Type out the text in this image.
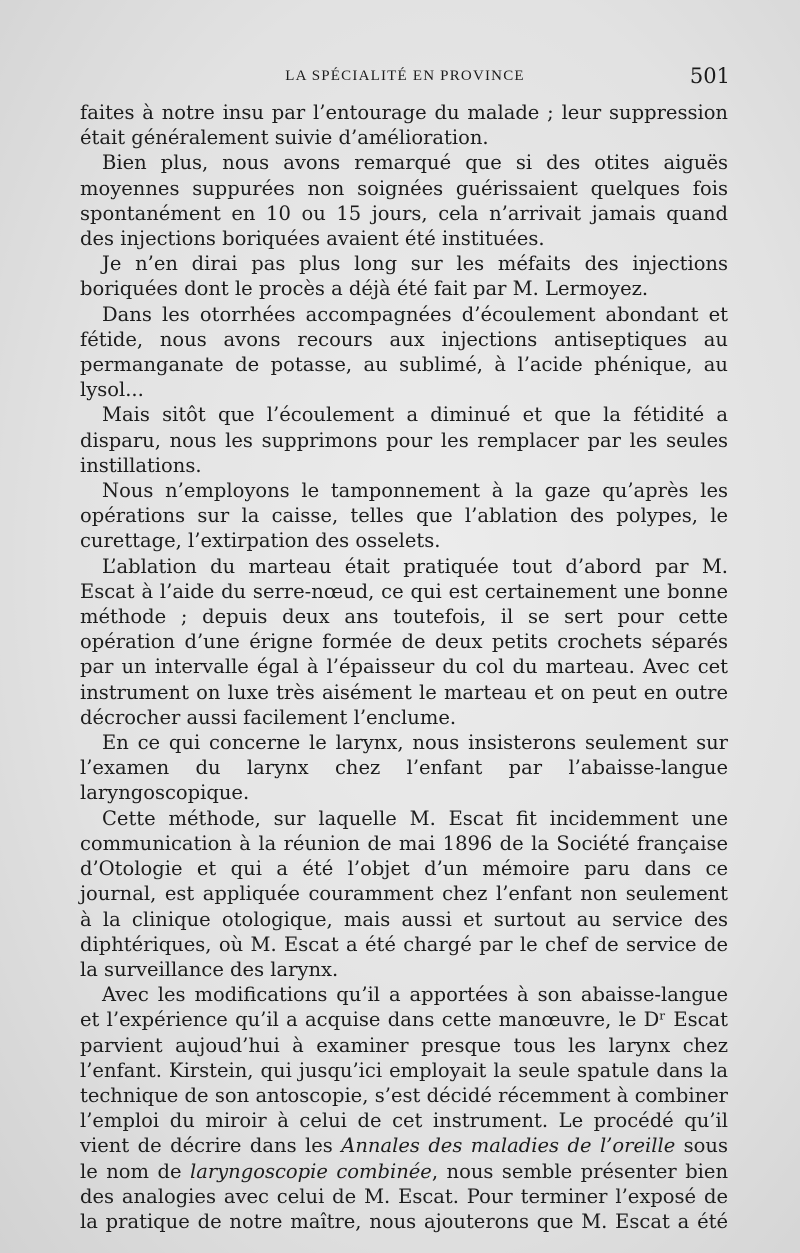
LA SPÉCIALITÉ EN PROVINCE	501

faites à notre insu par l’entourage du malade ; leur suppression était généralement suivie d’amélioration.

Bien plus, nous avons remarqué que si des otites aiguës moyennes suppurées non soignées guérissaient quelques fois spontanément en 10 ou 15 jours, cela n’arrivait jamais quand des injections boriquées avaient été instituées.

Je n’en dirai pas plus long sur les méfaits des injections boriquées dont le procès a déjà été fait par M. Lermoyez.

Dans les otorrhées accompagnées d’écoulement abondant et fétide, nous avons recours aux injections antiseptiques au permanganate de potasse, au sublimé, à l’acide phénique, au lysol...

Mais sitôt que l’écoulement a diminué et que la fétidité a disparu, nous les supprimons pour les remplacer par les seules instillations.

Nous n’employons le tamponnement à la gaze qu’après les opérations sur la caisse, telles que l’ablation des polypes, le curettage, l’extirpation des osselets.

L’ablation du marteau était pratiquée tout d’abord par M. Escat à l’aide du serre-nœud, ce qui est certainement une bonne méthode ; depuis deux ans toutefois, il se sert pour cette opération d’une érigne formée de deux petits crochets séparés par un intervalle égal à l’épaisseur du col du marteau. Avec cet instrument on luxe très aisément le marteau et on peut en outre décrocher aussi facilement l’enclume.

En ce qui concerne le larynx, nous insisterons seulement sur l’examen du larynx chez l’enfant par l’abaisse-langue laryngoscopique.

Cette méthode, sur laquelle M. Escat fit incidemment une communication à la réunion de mai 1896 de la Société française d’Otologie et qui a été l’objet d’un mémoire paru dans ce journal, est appliquée couramment chez l’enfant non seulement à la clinique otologique, mais aussi et surtout au service des diphtériques, où M. Escat a été chargé par le chef de service de la surveillance des larynx.

Avec les modifications qu’il a apportées à son abaisse-langue et l’expérience qu’il a acquise dans cette manœuvre, le Dʳ Escat parvient aujoud’hui à examiner presque tous les larynx chez l’enfant. Kirstein, qui jusqu’ici employait la seule spatule dans la technique de son antoscopie, s’est décidé récemment à combiner l’emploi du miroir à celui de cet instrument. Le procédé qu’il vient de décrire dans les Annales des maladies de l’oreille sous le nom de laryngoscopie combinée, nous semble présenter bien des analogies avec celui de M. Escat. Pour terminer l’exposé de la pratique de notre maître, nous ajouterons que M. Escat a été
